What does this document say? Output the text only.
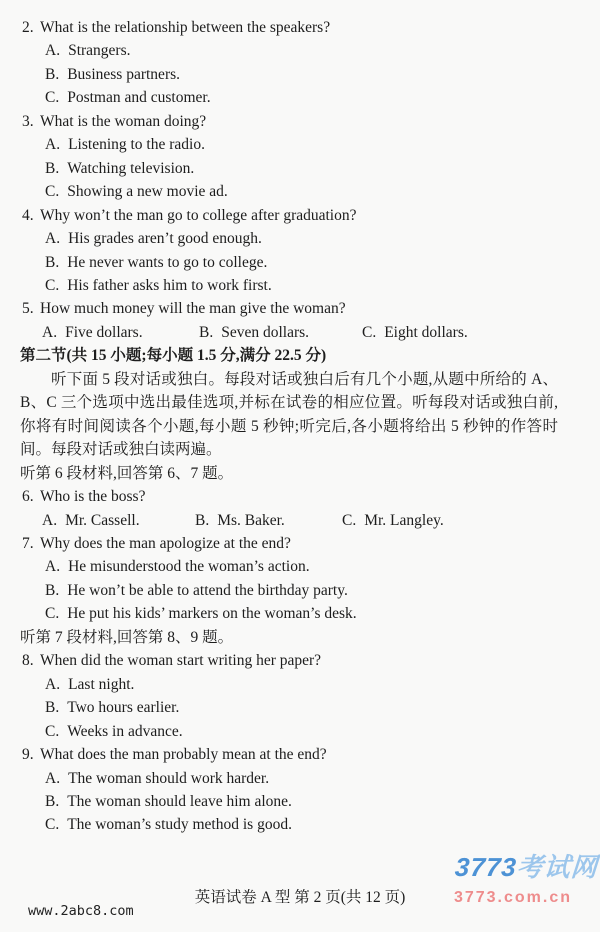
2. What is the relationship between the speakers?
A. Strangers.
B. Business partners.
C. Postman and customer.
3. What is the woman doing?
A. Listening to the radio.
B. Watching television.
C. Showing a new movie ad.
4. Why won’t the man go to college after graduation?
A. His grades aren’t good enough.
B. He never wants to go to college.
C. His father asks him to work first.
5. How much money will the man give the woman?
A. Five dollars.	B. Seven dollars.	C. Eight dollars.
第二节(共 15 小题;每小题 1.5 分,满分 22.5 分)
听下面 5 段对话或独白。每段对话或独白后有几个小题,从题中所给的 A、B、C 三个选项中选出最佳选项,并标在试卷的相应位置。听每段对话或独白前,你将有时间阅读各个小题,每小题 5 秒钟;听完后,各小题将给出 5 秒钟的作答时间。每段对话或独白读两遍。
听第 6 段材料,回答第 6、7 题。
6. Who is the boss?
A. Mr. Cassell.	B. Ms. Baker.	C. Mr. Langley.
7. Why does the man apologize at the end?
A. He misunderstood the woman’s action.
B. He won’t be able to attend the birthday party.
C. He put his kids’ markers on the woman’s desk.
听第 7 段材料,回答第 8、9 题。
8. When did the woman start writing her paper?
A. Last night.
B. Two hours earlier.
C. Weeks in advance.
9. What does the man probably mean at the end?
A. The woman should work harder.
B. The woman should leave him alone.
C. The woman’s study method is good.
www.2abc8.com
英语试卷 A 型 第 2 页(共 12 页)
3773考试网
3773.com.cn
